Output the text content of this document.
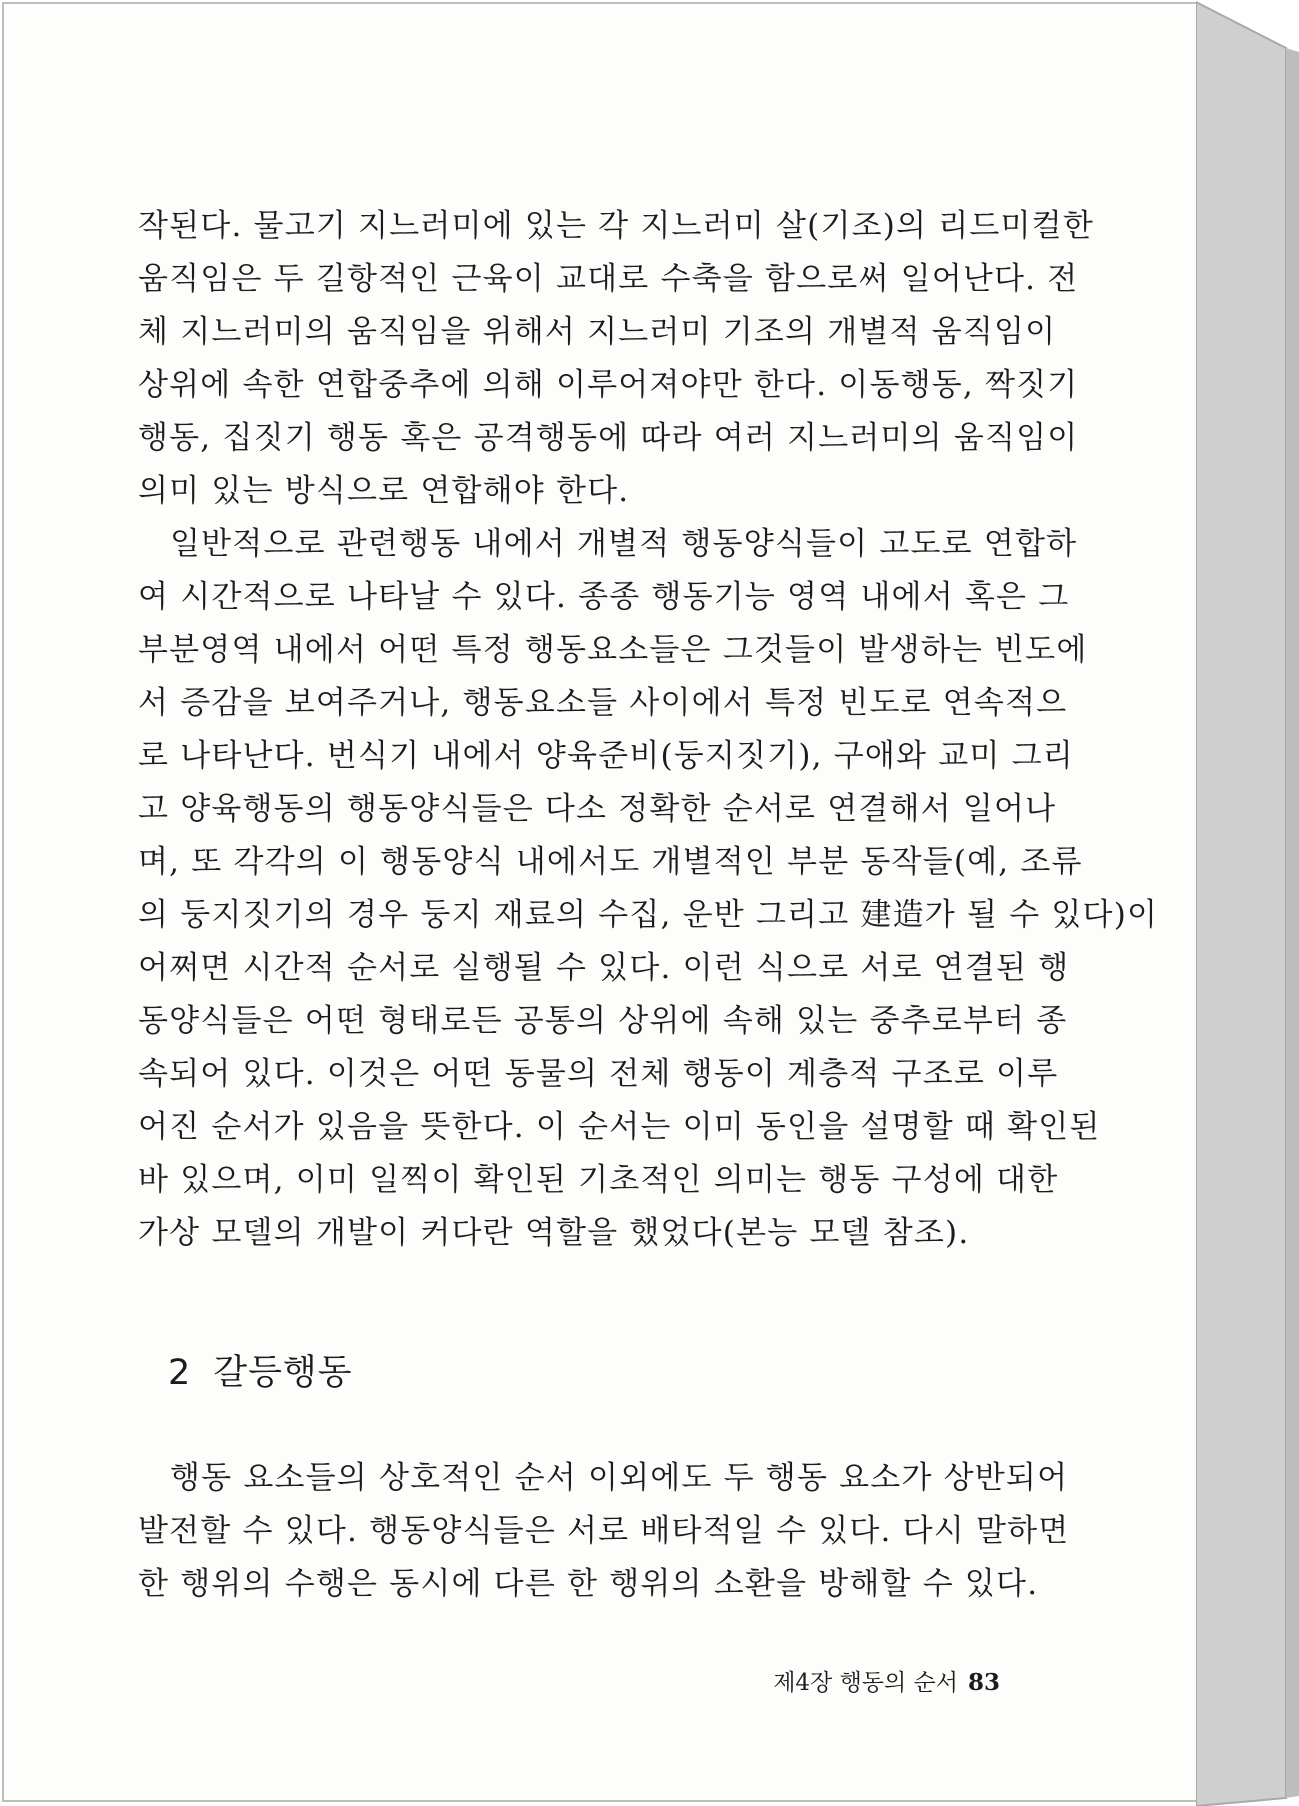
작된다. 물고기 지느러미에 있는 각 지느러미 살(기조)의 리드미컬한
움직임은 두 길항적인 근육이 교대로 수축을 함으로써 일어난다. 전
체 지느러미의 움직임을 위해서 지느러미 기조의 개별적 움직임이
상위에 속한 연합중추에 의해 이루어져야만 한다. 이동행동, 짝짓기
행동, 집짓기 행동 혹은 공격행동에 따라 여러 지느러미의 움직임이
의미 있는 방식으로 연합해야 한다.
일반적으로 관련행동 내에서 개별적 행동양식들이 고도로 연합하
여 시간적으로 나타날 수 있다. 종종 행동기능 영역 내에서 혹은 그
부분영역 내에서 어떤 특정 행동요소들은 그것들이 발생하는 빈도에
서 증감을 보여주거나, 행동요소들 사이에서 특정 빈도로 연속적으
로 나타난다. 번식기 내에서 양육준비(둥지짓기), 구애와 교미 그리
고 양육행동의 행동양식들은 다소 정확한 순서로 연결해서 일어나
며, 또 각각의 이 행동양식 내에서도 개별적인 부분 동작들(예, 조류
의 둥지짓기의 경우 둥지 재료의 수집, 운반 그리고 建造가 될 수 있다)이
어쩌면 시간적 순서로 실행될 수 있다. 이런 식으로 서로 연결된 행
동양식들은 어떤 형태로든 공통의 상위에 속해 있는 중추로부터 종
속되어 있다. 이것은 어떤 동물의 전체 행동이 계층적 구조로 이루
어진 순서가 있음을 뜻한다. 이 순서는 이미 동인을 설명할 때 확인된
바 있으며, 이미 일찍이 확인된 기초적인 의미는 행동 구성에 대한
가상 모델의 개발이 커다란 역할을 했었다(본능 모델 참조).
2 갈등행동
행동 요소들의 상호적인 순서 이외에도 두 행동 요소가 상반되어
발전할 수 있다. 행동양식들은 서로 배타적일 수 있다. 다시 말하면
한 행위의 수행은 동시에 다른 한 행위의 소환을 방해할 수 있다.
제4장 행동의 순서 83
